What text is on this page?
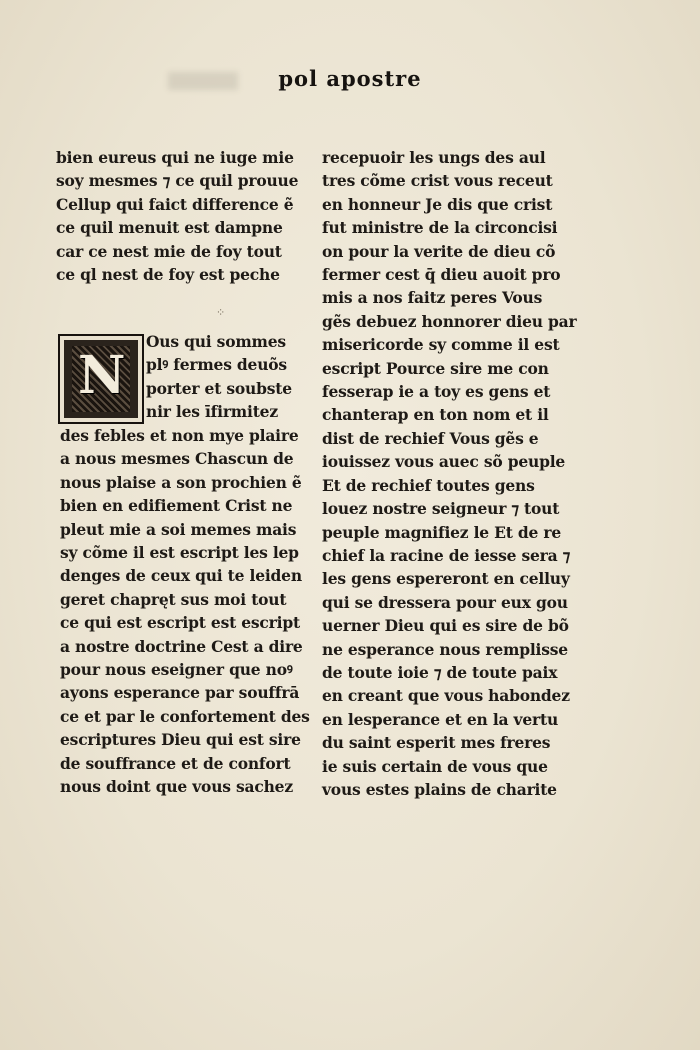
pol apostre
bien eureus qui ne iuge mie
soy mesmes ⁊ ce quil prouue
Cellup qui faict difference ẽ
ce quil menuit est dampne
car ce nest mie de foy tout
ce ql nest de foy est peche
⁘
N
Ous qui sommes
plꝰ fermes deuõs
porter et soubste
nir les īfirmitez
des febles et non mye plaire
a nous mesmes Chascun de
nous plaise a son prochien ẽ
bien en edifiement Crist ne
pleut mie a soi memes mais
sy cõme il est escript les lep
denges de ceux qui te leiden
geret chapręt sus moi tout
ce qui est escript est escript
a nostre doctrine Cest a dire
pour nous eseigner que noꝰ
ayons esperance par souffrā
ce et par le confortement des
escriptures Dieu qui est sire
de souffrance et de confort
nous doint que vous sachez
recepuoir les ungs des aul
tres cõme crist vous receut
en honneur Je dis que crist
fut ministre de la circoncisi
on pour la verite de dieu cõ
fermer cest q̄ dieu auoit pro
mis a nos faitz peres Vous
gẽs debuez honnorer dieu par
misericorde sy comme il est
escript Pource sire me con
fesserap ie a toy es gens et
chanterap en ton nom et il
dist de rechief Vous gẽs e
iouissez vous auec sõ peuple
Et de rechief toutes gens
louez nostre seigneur ⁊ tout
peuple magnifiez le Et de re
chief la racine de iesse sera ⁊
les gens espereront en celluy
qui se dressera pour eux gou
uerner Dieu qui es sire de bõ
ne esperance nous remplisse
de toute ioie ⁊ de toute paix
en creant que vous habondez
en lesperance et en la vertu
du saint esperit mes freres
ie suis certain de vous que
vous estes plains de charite
